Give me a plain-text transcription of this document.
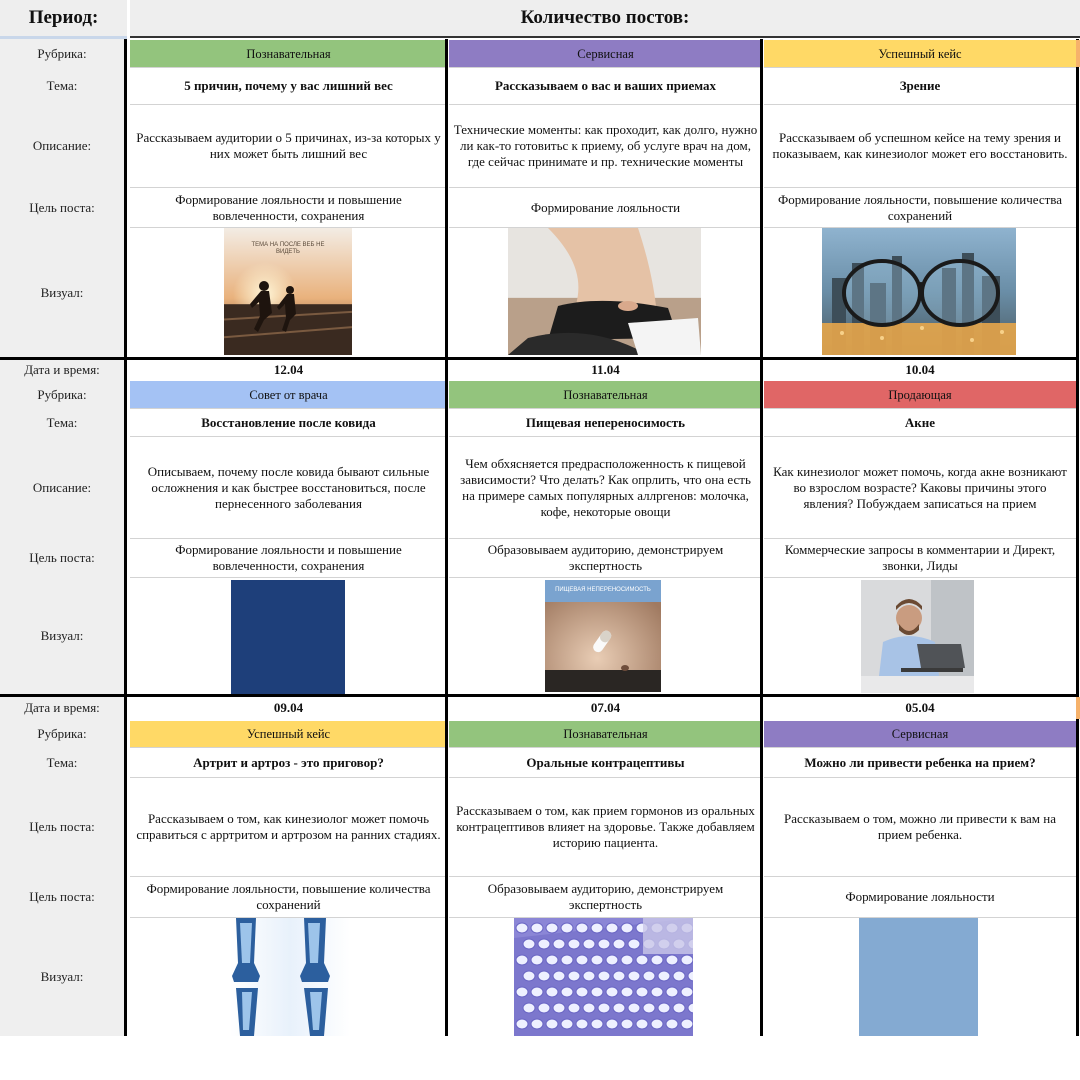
Период:	Количество постов:
Рубрика:
Тема:
Описание:
Цель поста:
Визуал:
Познавательная
5 причин, почему у вас лишний вес
Рассказываем аудитории о 5 причинах, из-за которых у них может быть лишний вес
Формирование лояльности и повышение вовлеченности, сохранения
ТЕМА НА ПОСЛЕ ВЕБ НЕ ВИДЕТЬ
Сервисная
Рассказываем о вас и ваших приемах
Технические моменты: как проходит, как долго, нужно ли как-то готовитьс к приему, об услуге врач на дом, где сейчас принимате и пр. технические моменты
Формирование лояльности
Успешный кейс
Зрение
Рассказываем об успешном кейсе на тему зрения и показываем, как кинезиолог может его восстановить.
Формирование лояльности, повышение количества сохранений
Дата и время:
Рубрика:
Тема:
Описание:
Цель поста:
Визуал:
12.04
Совет от врача
Восстановление после ковида
Описываем, почему после ковида бывают сильные осложнения и как быстрее восстановиться, после пернесенного заболевания
Формирование лояльности и повышение вовлеченности, сохранения
11.04
Познавательная
Пищевая непереносимость
Чем обхясняется предрасположенность к пищевой зависимости? Что делать? Как опрлить, что она есть на примере самых популярных аллргенов: молочка, кофе, некоторые овощи
Образовываем аудиторию, демонстрируем экспертность
ПИЩЕВАЯ НЕПЕРЕНОСИМОСТЬ
10.04
Продающая
Акне
Как кинезиолог может помочь, когда акне возникают во взрослом возрасте? Каковы причины этого явления? Побуждаем записаться на прием
Коммерческие запросы в комментарии и Директ, звонки, Лиды
Дата и время:
Рубрика:
Тема:
Цель поста:
Цель поста:
Визуал:
09.04
Успешный кейс
Артрит и артроз - это приговор?
Рассказываем о том, как кинезиолог может помочь справиться с арртритом и артрозом на ранних стадиях.
Формирование лояльности, повышение количества сохранений
07.04
Познавательная
Оральные контрацептивы
Рассказываем о том, как прием гормонов из оральных контрацептивов влияет на здоровье. Также добавляем историю пациента.
Образовываем аудиторию, демонстрируем экспертность
05.04
Сервисная
Можно ли привести ребенка на прием?
Рассказываем о том, можно ли привести к вам на прием ребенка.
Формирование лояльности
